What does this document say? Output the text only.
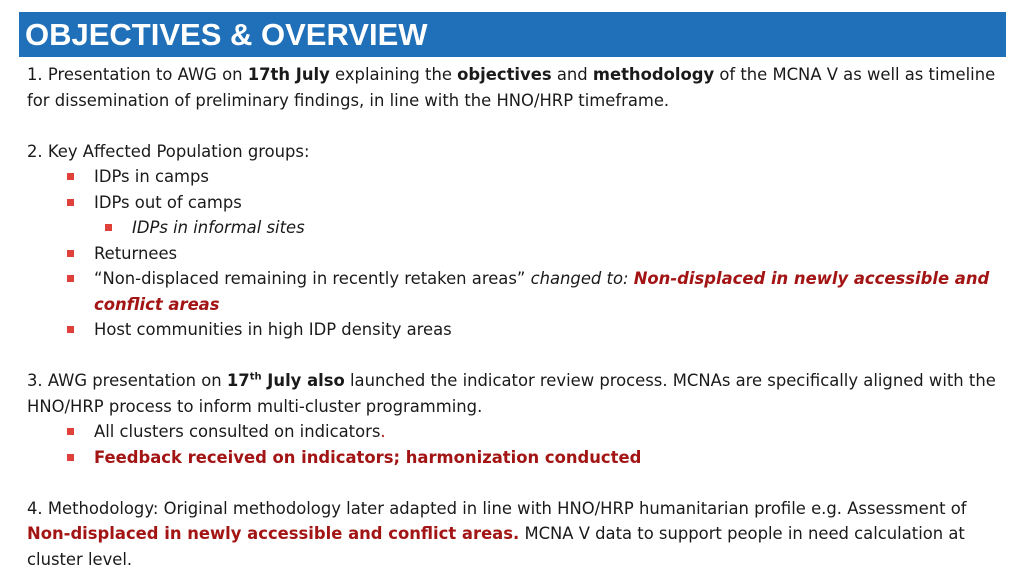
OBJECTIVES & OVERVIEW

1. Presentation to AWG on 17th July explaining the objectives and methodology of the MCNA V as well as timeline for dissemination of preliminary findings, in line with the HNO/HRP timeframe.

2. Key Affected Population groups:

IDPs in camps
IDPs out of camps
IDPs in informal sites
Returnees
“Non-displaced remaining in recently retaken areas” changed to: Non-displaced in newly accessible and conflict areas
Host communities in high IDP density areas

3. AWG presentation on 17th July also launched the indicator review process. MCNAs are specifically aligned with the HNO/HRP process to inform multi-cluster programming.

All clusters consulted on indicators.
Feedback received on indicators; harmonization conducted

4. Methodology: Original methodology later adapted in line with HNO/HRP humanitarian profile e.g. Assessment of Non-displaced in newly accessible and conflict areas. MCNA V data to support people in need calculation at cluster level.
